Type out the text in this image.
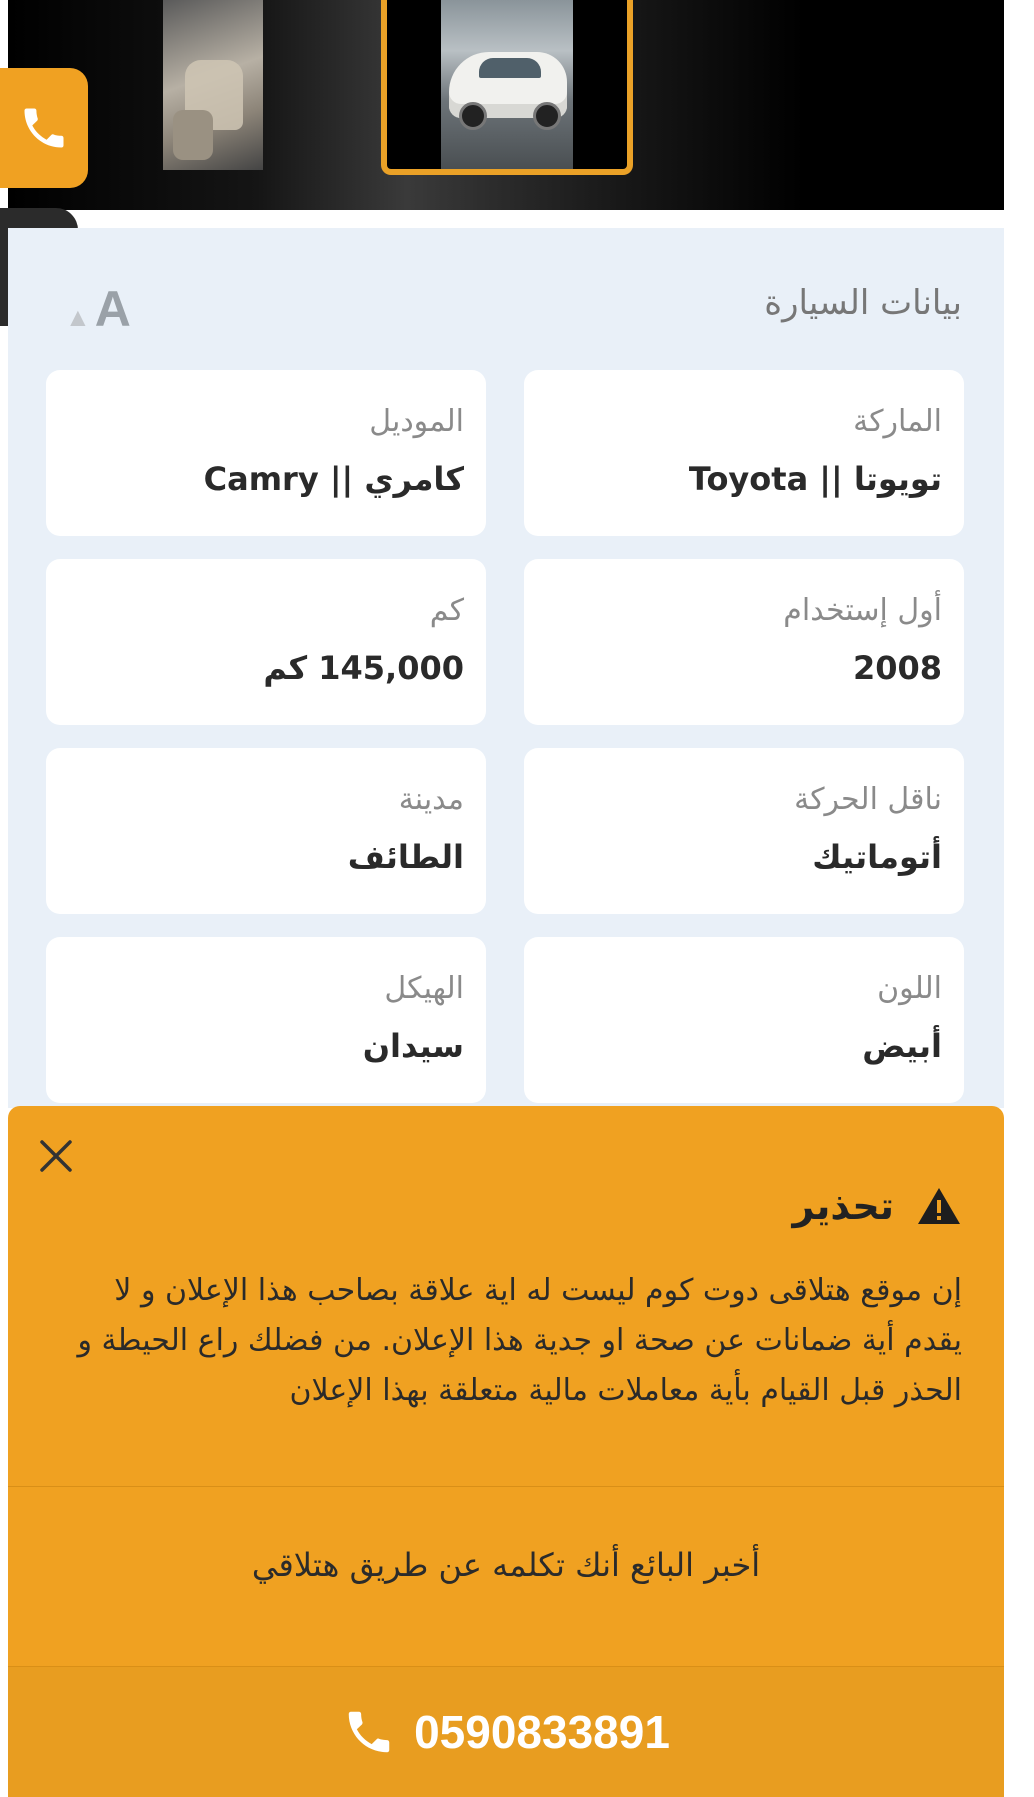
بيانات السيارة
▲A
الماركة
تويوتا || Toyota
الموديل
كامري || Camry
أول إستخدام
2008
كم
145,000 كم
ناقل الحركة
أتوماتيك
مدينة
الطائف
اللون
أبيض
الهيكل
سيدان
تحذير
إن موقع هتلاقى دوت كوم ليست له اية علاقة بصاحب هذا الإعلان و لا يقدم أية ضمانات عن صحة او جدية هذا الإعلان. من فضلك راع الحيطة و الحذر قبل القيام بأية معاملات مالية متعلقة بهذا الإعلان
أخبر البائع أنك تكلمه عن طريق هتلاقي
0590833891
